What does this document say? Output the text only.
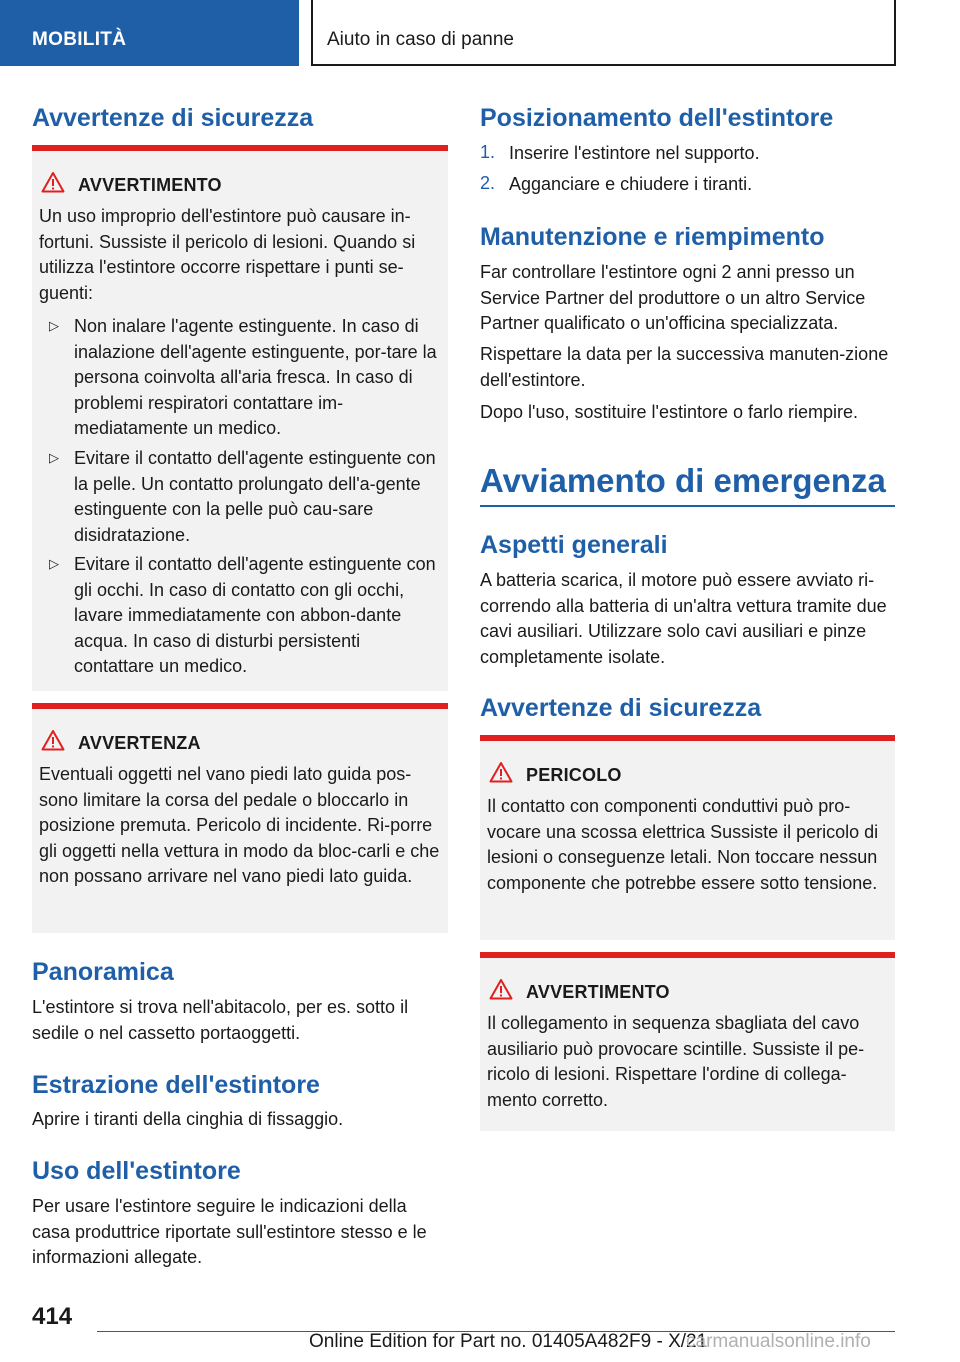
MOBILITÀ	Aiuto in caso di panne
Avvertenze di sicurezza
AVVERTIMENTO
Un uso improprio dell'estintore può causare in-fortuni. Sussiste il pericolo di lesioni. Quando si utilizza l'estintore occorre rispettare i punti se-guenti:
▷ Non inalare l'agente estinguente. In caso di inalazione dell'agente estinguente, por-tare la persona coinvolta all'aria fresca. In caso di problemi respiratori contattare im-mediatamente un medico.
▷ Evitare il contatto dell'agente estinguente con la pelle. Un contatto prolungato dell'a-gente estinguente con la pelle può cau-sare disidratazione.
▷ Evitare il contatto dell'agente estinguente con gli occhi. In caso di contatto con gli occhi, lavare immediatamente con abbon-dante acqua. In caso di disturbi persistenti contattare un medico.
AVVERTENZA
Eventuali oggetti nel vano piedi lato guida pos-sono limitare la corsa del pedale o bloccarlo in posizione premuta. Pericolo di incidente. Ri-porre gli oggetti nella vettura in modo da bloc-carli e che non possano arrivare nel vano piedi lato guida.
Panoramica
L'estintore si trova nell'abitacolo, per es. sotto il sedile o nel cassetto portaoggetti.
Estrazione dell'estintore
Aprire i tiranti della cinghia di fissaggio.
Uso dell'estintore
Per usare l'estintore seguire le indicazioni della casa produttrice riportate sull'estintore stesso e le informazioni allegate.
Posizionamento dell'estintore
1. Inserire l'estintore nel supporto.
2. Agganciare e chiudere i tiranti.
Manutenzione e riempimento
Far controllare l'estintore ogni 2 anni presso un Service Partner del produttore o un altro Service Partner qualificato o un'officina specializzata.
Rispettare la data per la successiva manuten-zione dell'estintore.
Dopo l'uso, sostituire l'estintore o farlo riempire.
Avviamento di emergenza
Aspetti generali
A batteria scarica, il motore può essere avviato ri-correndo alla batteria di un'altra vettura tramite due cavi ausiliari. Utilizzare solo cavi ausiliari e pinze completamente isolate.
Avvertenze di sicurezza
PERICOLO
Il contatto con componenti conduttivi può pro-vocare una scossa elettrica Sussiste il pericolo di lesioni o conseguenze letali. Non toccare nessun componente che potrebbe essere sotto tensione.
AVVERTIMENTO
Il collegamento in sequenza sbagliata del cavo ausiliario può provocare scintille. Sussiste il pe-ricolo di lesioni. Rispettare l'ordine di collega-mento corretto.
414
Online Edition for Part no. 01405A482F9 - X/21
carmanualsonline.info
